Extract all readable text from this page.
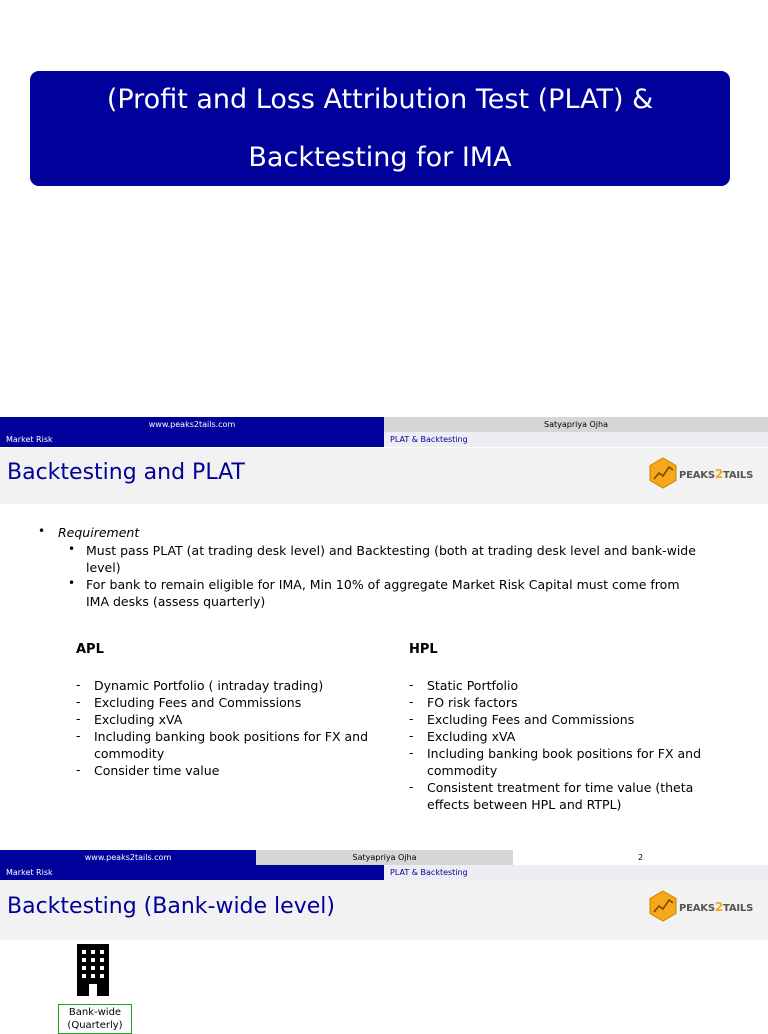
(Profit and Loss Attribution Test (PLAT) &
Backtesting for IMA
www.peaks2tails.com	Satyapriya Ojha
Market Risk	PLAT & Backtesting
Backtesting and PLAT	PEAKS2TAILS
• Requirement
• Must pass PLAT (at trading desk level) and Backtesting (both at trading desk level and bank-wide
level)
• For bank to remain eligible for IMA, Min 10% of aggregate Market Risk Capital must come from
IMA desks (assess quarterly)
APL
- Dynamic Portfolio ( intraday trading)
- Excluding Fees and Commissions
- Excluding xVA
- Including banking book positions for FX and
commodity
- Consider time value
HPL
- Static Portfolio
- FO risk factors
- Excluding Fees and Commissions
- Excluding xVA
- Including banking book positions for FX and
commodity
- Consistent treatment for time value (theta
effects between HPL and RTPL)
www.peaks2tails.com	Satyapriya Ojha	2
Market Risk	PLAT & Backtesting
Backtesting (Bank-wide level)	PEAKS2TAILS
Bank-wide
(Quarterly)
